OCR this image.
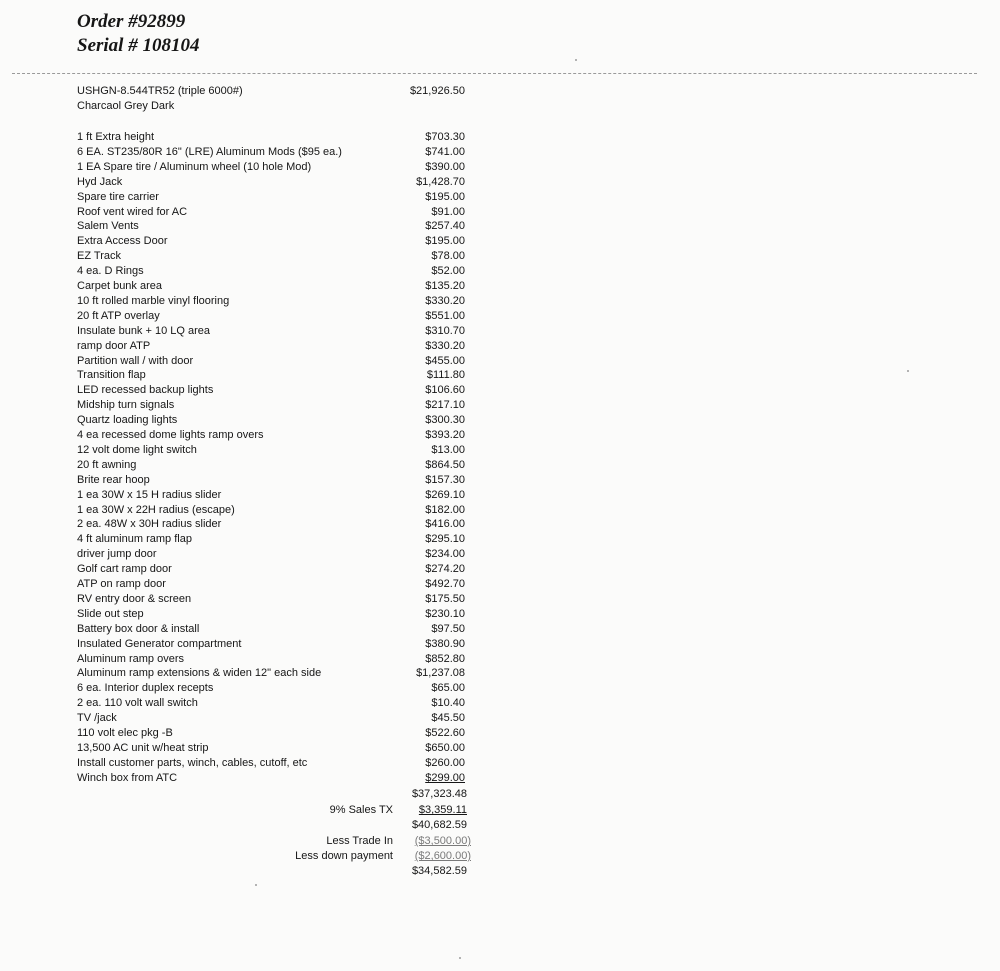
Order #92899
Serial # 108104
USHGN-8.544TR52 (triple 6000#)	$21,926.50
Charcaol Grey Dark
1 ft Extra height	$703.30
6 EA. ST235/80R 16" (LRE) Aluminum Mods ($95 ea.)	$741.00
1 EA Spare tire / Aluminum wheel (10 hole Mod)	$390.00
Hyd Jack	$1,428.70
Spare tire carrier	$195.00
Roof vent wired for AC	$91.00
Salem Vents	$257.40
Extra Access Door	$195.00
EZ Track	$78.00
4 ea. D Rings	$52.00
Carpet bunk area	$135.20
10 ft rolled marble vinyl flooring	$330.20
20 ft ATP overlay	$551.00
Insulate bunk + 10 LQ area	$310.70
ramp door ATP	$330.20
Partition wall / with door	$455.00
Transition flap	$111.80
LED recessed backup lights	$106.60
Midship turn signals	$217.10
Quartz loading lights	$300.30
4 ea recessed dome lights ramp overs	$393.20
12 volt dome light switch	$13.00
20 ft awning	$864.50
Brite rear hoop	$157.30
1 ea 30W x 15 H radius slider	$269.10
1 ea 30W x 22H radius (escape)	$182.00
2 ea. 48W x 30H radius slider	$416.00
4 ft aluminum ramp flap	$295.10
driver jump door	$234.00
Golf cart ramp door	$274.20
ATP on ramp door	$492.70
RV entry door & screen	$175.50
Slide out step	$230.10
Battery box door & install	$97.50
Insulated Generator compartment	$380.90
Aluminum ramp overs	$852.80
Aluminum ramp extensions & widen 12" each side	$1,237.08
6 ea. Interior duplex recepts	$65.00
2 ea. 110 volt wall switch	$10.40
TV /jack	$45.50
110 volt elec pkg -B	$522.60
13,500 AC unit w/heat strip	$650.00
Install customer parts, winch, cables, cutoff, etc	$260.00
Winch box from ATC	$299.00
$37,323.48
9% Sales TX	$3,359.11
$40,682.59
Less Trade In	($3,500.00)
Less down payment	($2,600.00)
$34,582.59
